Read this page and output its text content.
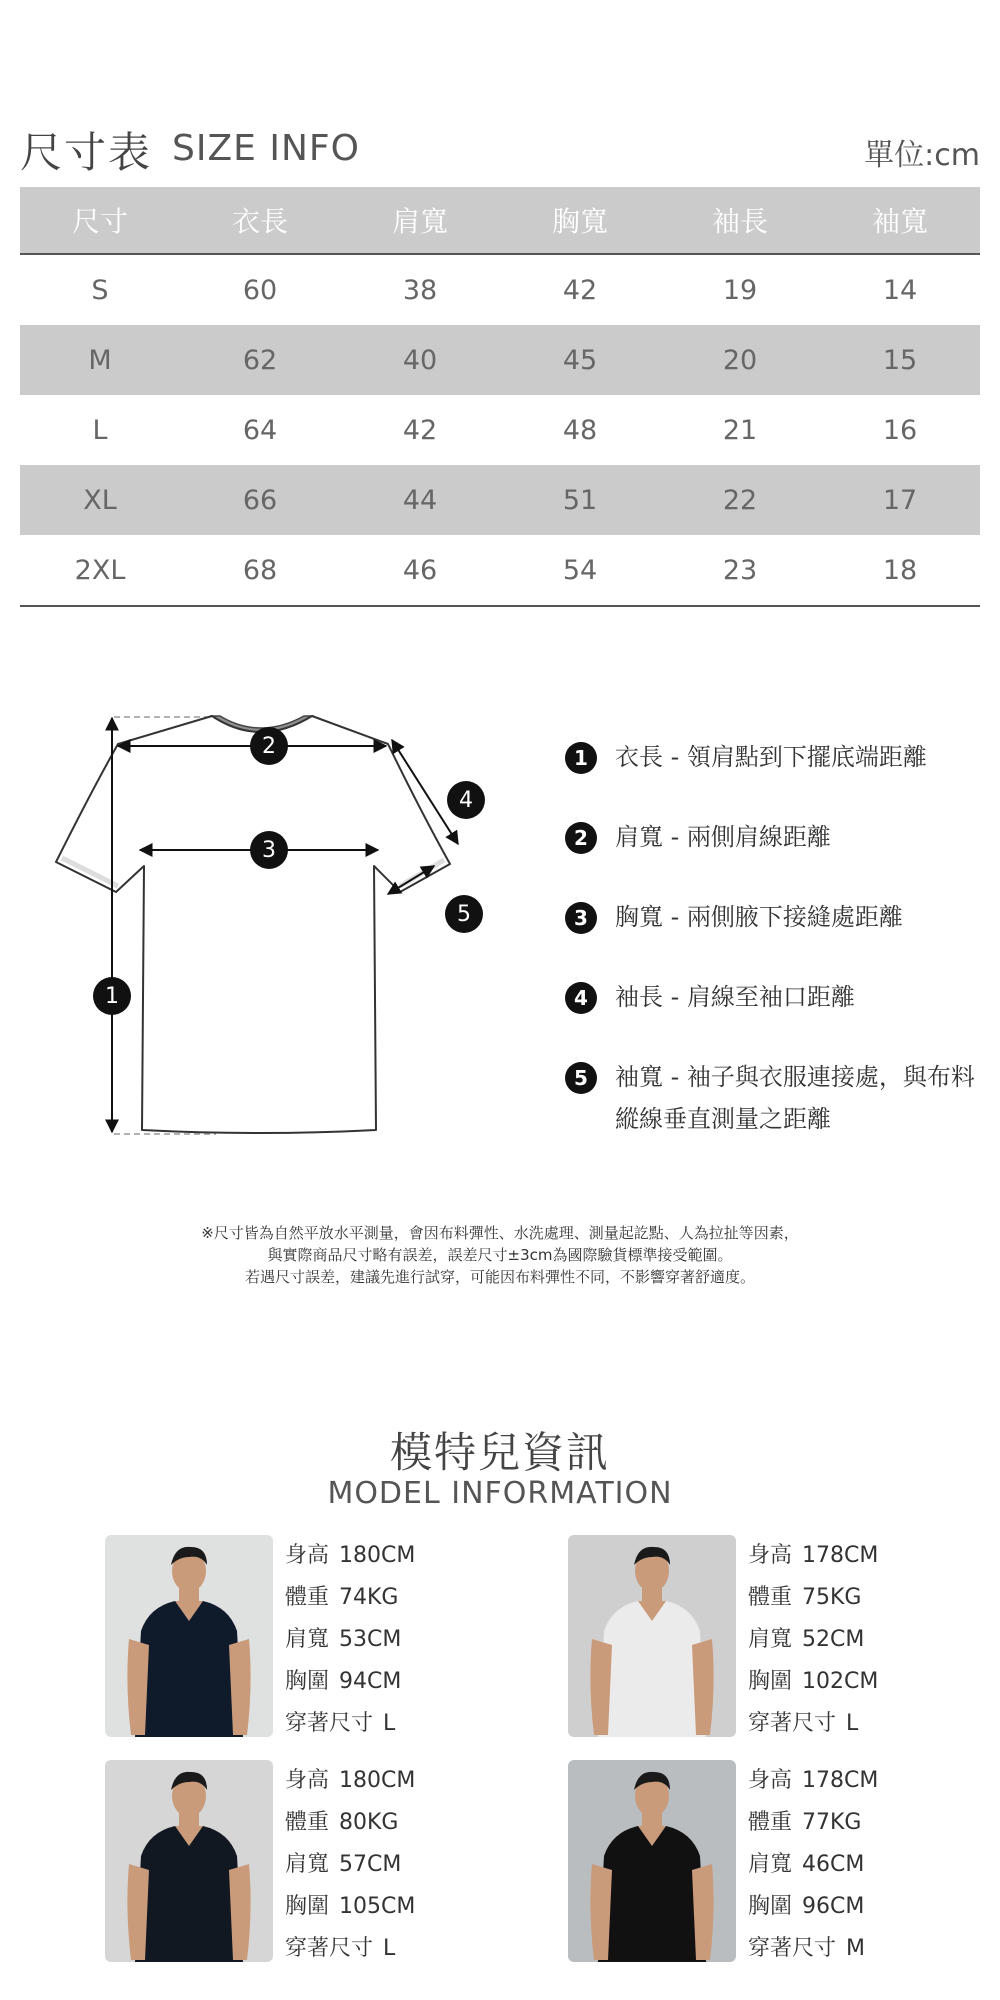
尺寸表 SIZE INFO	單位:cm
尺寸	衣長	肩寬	胸寬	袖長	袖寬
S	60	38	42	19	14
M	62	40	45	20	15
L	64	42	48	21	16
XL	66	44	51	22	17
2XL	68	46	54	23	18
1
2
3
4
5
1	衣長 - 領肩點到下擺底端距離
2	肩寬 - 兩側肩線距離
3	胸寬 - 兩側腋下接縫處距離
4	袖長 - 肩線至袖口距離
5	袖寬 - 袖子與衣服連接處，與布料縱線垂直測量之距離
※尺寸皆為自然平放水平測量，會因布料彈性、水洗處理、測量起訖點、人為拉扯等因素，
與實際商品尺寸略有誤差，誤差尺寸±3cm為國際驗貨標準接受範圍。
若遇尺寸誤差，建議先進行試穿，可能因布料彈性不同，不影響穿著舒適度。
模特兒資訊
MODEL INFORMATION
身高 180CM
體重 74KG
肩寬 53CM
胸圍 94CM
穿著尺寸 L
身高 178CM
體重 75KG
肩寬 52CM
胸圍 102CM
穿著尺寸 L
身高 180CM
體重 80KG
肩寬 57CM
胸圍 105CM
穿著尺寸 L
身高 178CM
體重 77KG
肩寬 46CM
胸圍 96CM
穿著尺寸 M
